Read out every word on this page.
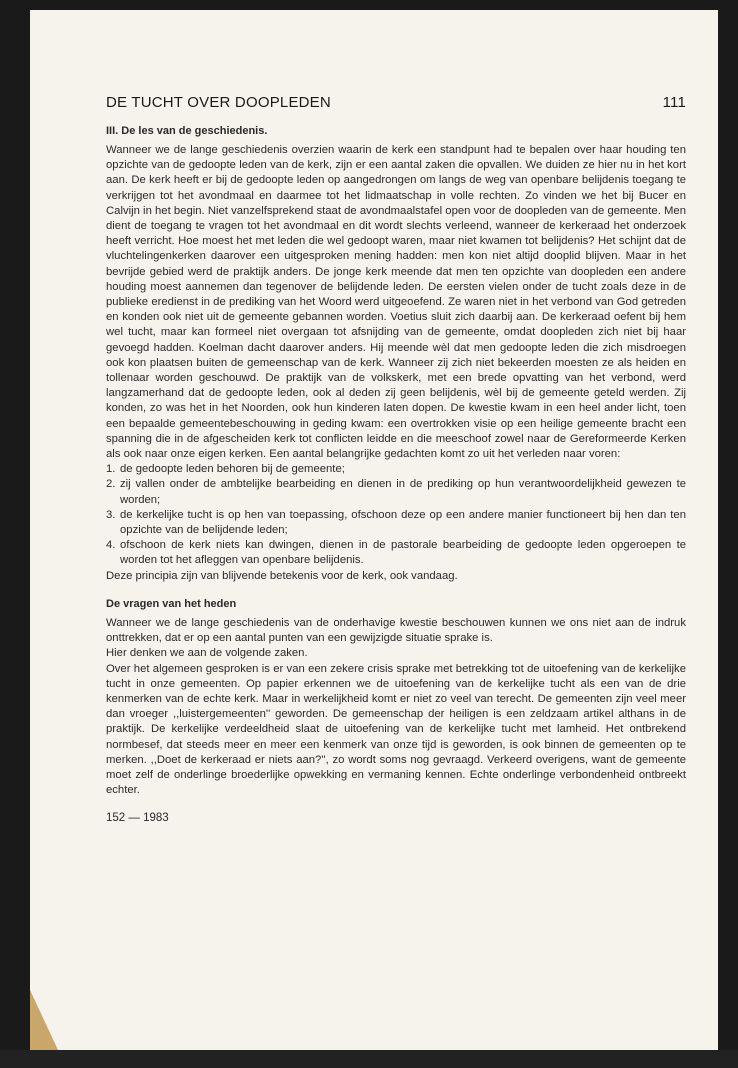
DE TUCHT OVER DOOPLEDEN	111
III. De les van de geschiedenis.

Wanneer we de lange geschiedenis overzien waarin de kerk een standpunt had te bepalen over haar houding ten opzichte van de gedoopte leden van de kerk, zijn er een aantal zaken die opvallen. We duiden ze hier nu in het kort aan. De kerk heeft er bij de gedoopte leden op aangedrongen om langs de weg van openbare belijdenis toegang te verkrijgen tot het avondmaal en daarmee tot het lidmaatschap in volle rechten. Zo vinden we het bij Bucer en Calvijn in het begin. Niet vanzelfsprekend staat de avondmaalstafel open voor de doopleden van de gemeente. Men dient de toegang te vragen tot het avondmaal en dit wordt slechts verleend, wanneer de kerkeraad het onderzoek heeft verricht. Hoe moest het met leden die wel gedoopt waren, maar niet kwamen tot belijdenis? Het schijnt dat de vluchtelingenkerken daarover een uitgesproken mening hadden: men kon niet altijd dooplid blijven. Maar in het bevrijde gebied werd de praktijk anders. De jonge kerk meende dat men ten opzichte van doopleden een andere houding moest aannemen dan tegenover de belijdende leden. De eersten vielen onder de tucht zoals deze in de publieke eredienst in de prediking van het Woord werd uitgeoefend. Ze waren niet in het verbond van God getreden en konden ook niet uit de gemeente gebannen worden. Voetius sluit zich daarbij aan. De kerkeraad oefent bij hem wel tucht, maar kan formeel niet overgaan tot afsnijding van de gemeente, omdat doopleden zich niet bij haar gevoegd hadden. Koelman dacht daarover anders. Hij meende wèl dat men gedoopte leden die zich misdroegen ook kon plaatsen buiten de gemeenschap van de kerk. Wanneer zij zich niet bekeerden moesten ze als heiden en tollenaar worden geschouwd. De praktijk van de volkskerk, met een brede opvatting van het verbond, werd langzamerhand dat de gedoopte leden, ook al deden zij geen belijdenis, wèl bij de gemeente geteld werden. Zij konden, zo was het in het Noorden, ook hun kinderen laten dopen. De kwestie kwam in een heel ander licht, toen een bepaalde gemeentebeschouwing in geding kwam: een overtrokken visie op een heilige gemeente bracht een spanning die in de afgescheiden kerk tot conflicten leidde en die meeschoof zowel naar de Gereformeerde Kerken als ook naar onze eigen kerken. Een aantal belangrijke gedachten komt zo uit het verleden naar voren:

1. de gedoopte leden behoren bij de gemeente;
2. zij vallen onder de ambtelijke bearbeiding en dienen in de prediking op hun verantwoordelijkheid gewezen te worden;
3. de kerkelijke tucht is op hen van toepassing, ofschoon deze op een andere manier functioneert bij hen dan ten opzichte van de belijdende leden;
4. ofschoon de kerk niets kan dwingen, dienen in de pastorale bearbeiding de gedoopte leden opgeroepen te worden tot het afleggen van openbare belijdenis.

Deze principia zijn van blijvende betekenis voor de kerk, ook vandaag.

De vragen van het heden

Wanneer we de lange geschiedenis van de onderhavige kwestie beschouwen kunnen we ons niet aan de indruk onttrekken, dat er op een aantal punten van een gewijzigde situatie sprake is.

Hier denken we aan de volgende zaken.

Over het algemeen gesproken is er van een zekere crisis sprake met betrekking tot de uitoefening van de kerkelijke tucht in onze gemeenten. Op papier erkennen we de uitoefening van de kerkelijke tucht als een van de drie kenmerken van de echte kerk. Maar in werkelijkheid komt er niet zo veel van terecht. De gemeenten zijn veel meer dan vroeger ,,luistergemeenten'' geworden. De gemeenschap der heiligen is een zeldzaam artikel althans in de praktijk. De kerkelijke verdeeldheid slaat de uitoefening van de kerkelijke tucht met lamheid. Het ontbrekend normbesef, dat steeds meer en meer een kenmerk van onze tijd is geworden, is ook binnen de gemeenten op te merken. ,,Doet de kerkeraad er niets aan?'', zo wordt soms nog gevraagd. Verkeerd overigens, want de gemeente moet zelf de onderlinge broederlijke opwekking en vermaning kennen. Echte onderlinge verbondenheid ontbreekt echter.

152 — 1983
